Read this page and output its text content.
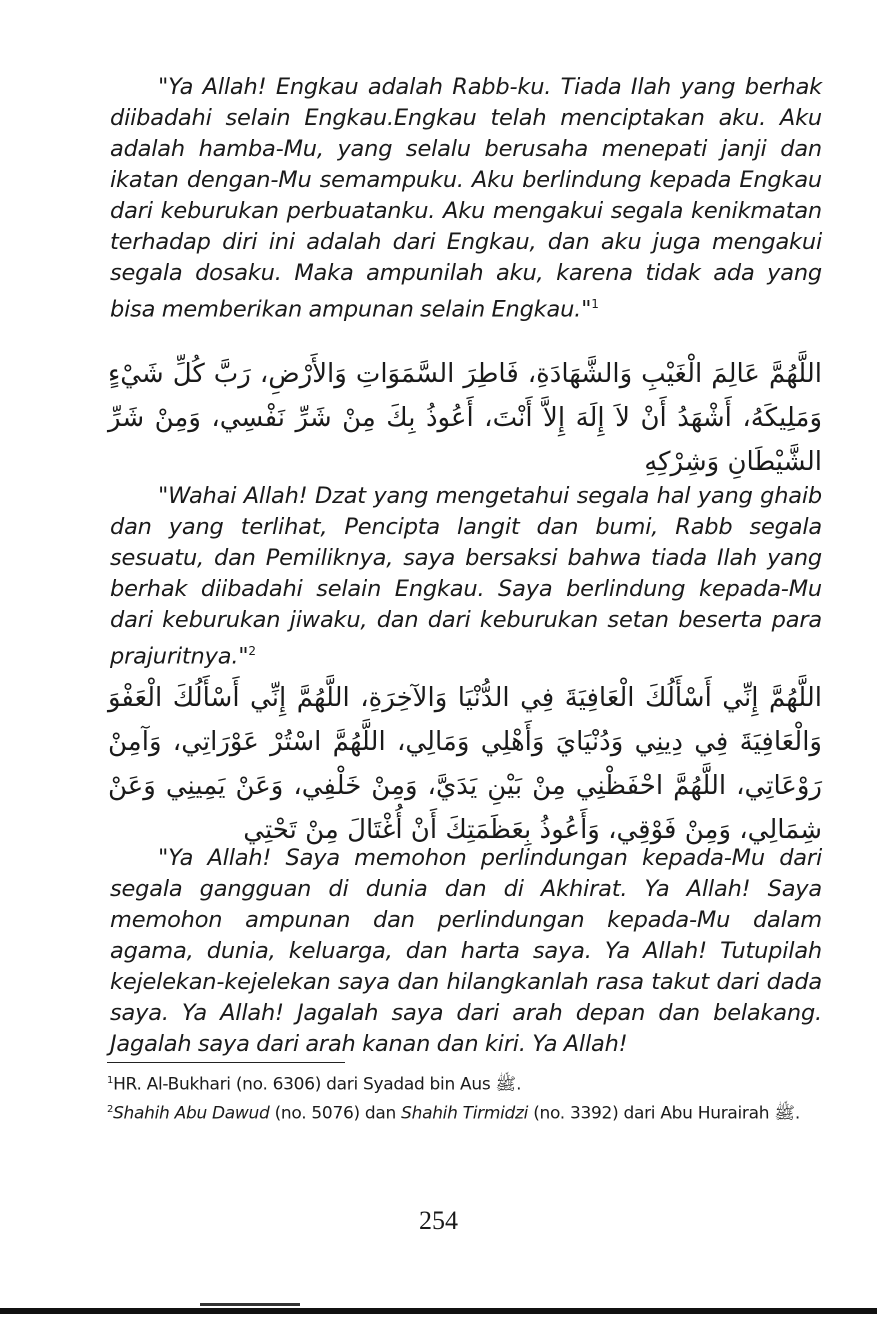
"Ya Allah! Engkau adalah Rabb-ku. Tiada Ilah yang berhak diibadahi selain Engkau.Engkau telah menciptakan aku. Aku adalah hamba-Mu, yang selalu berusaha menepati janji dan ikatan dengan-Mu semampuku. Aku berlindung kepada Engkau dari keburukan perbuatanku. Aku mengakui segala kenikmatan terhadap diri ini adalah dari Engkau, dan aku juga mengakui segala dosaku. Maka ampunilah aku, karena tidak ada yang bisa memberikan ampunan selain Engkau."$^1$

اللَّهُمَّ عَالِمَ الْغَيْبِ وَالشَّهَادَةِ، فَاطِرَ السَّمَوَاتِ وَالأَرْضِ، رَبَّ كُلِّ شَيْءٍ وَمَلِيكَهُ، أَشْهَدُ أَنْ لاَ إِلَهَ إِلاَّ أَنْتَ، أَعُوذُ بِكَ مِنْ شَرِّ نَفْسِي، وَمِنْ شَرِّ الشَّيْطَانِ وَشِرْكِهِ

"Wahai Allah! Dzat yang mengetahui segala hal yang ghaib dan yang terlihat, Pencipta langit dan bumi, Rabb segala sesuatu, dan Pemiliknya, saya bersaksi bahwa tiada Ilah yang berhak diibadahi selain Engkau. Saya berlindung kepada-Mu dari keburukan jiwaku, dan dari keburukan setan beserta para prajuritnya."$^2$

اللَّهُمَّ إِنِّي أَسْأَلُكَ الْعَافِيَةَ فِي الدُّنْيَا وَالآخِرَةِ، اللَّهُمَّ إِنِّي أَسْأَلُكَ الْعَفْوَ وَالْعَافِيَةَ فِي دِينِي وَدُنْيَايَ وَأَهْلِي وَمَالِي، اللَّهُمَّ اسْتُرْ عَوْرَاتِي، وَآمِنْ رَوْعَاتِي، اللَّهُمَّ احْفَظْنِي مِنْ بَيْنِ يَدَيَّ، وَمِنْ خَلْفِي، وَعَنْ يَمِينِي وَعَنْ شِمَالِي، وَمِنْ فَوْقِي، وَأَعُوذُ بِعَظَمَتِكَ أَنْ أُغْتَالَ مِنْ تَحْتِي

"Ya Allah! Saya memohon perlindungan kepada-Mu dari segala gangguan di dunia dan di Akhirat. Ya Allah! Saya memohon ampunan dan perlindungan kepada-Mu dalam agama, dunia, keluarga, dan harta saya. Ya Allah! Tutupilah kejelekan-kejelekan saya dan hilangkanlah rasa takut dari dada saya. Ya Allah! Jagalah saya dari arah depan dan belakang. Jagalah saya dari arah kanan dan kiri. Ya Allah!

$^1$HR. Al-Bukhari (no. 6306) dari Syadad bin Aus ﷺ.
$^2$Shahih Abu Dawud (no. 5076) dan Shahih Tirmidzi (no. 3392) dari Abu Hurairah ﷺ.
254
